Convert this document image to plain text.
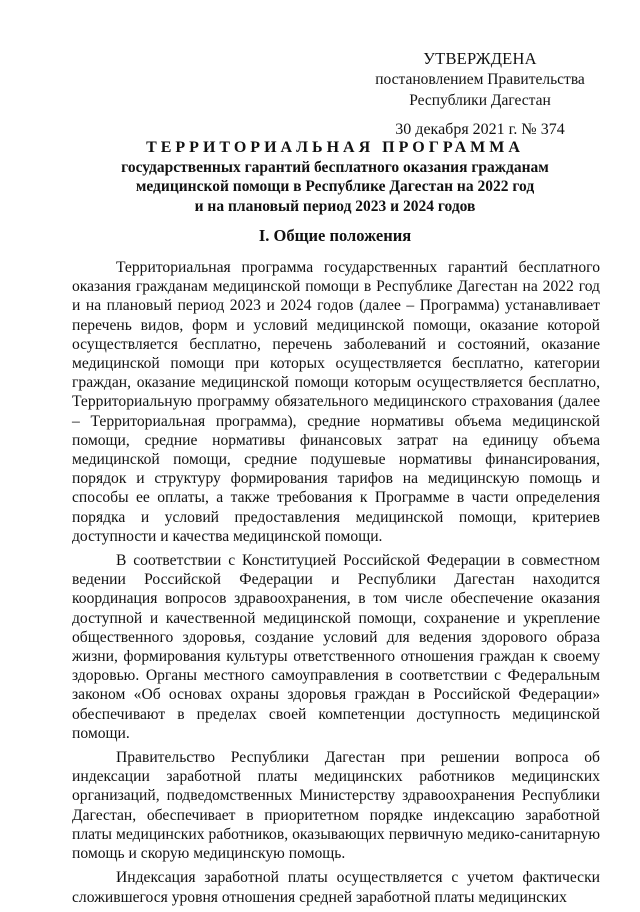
УТВЕРЖДЕНА
постановлением Правительства
Республики Дагестан
30 декабря 2021 г. № 374
ТЕРРИТОРИАЛЬНАЯ ПРОГРАММА
государственных гарантий бесплатного оказания гражданам
медицинской помощи в Республике Дагестан на 2022 год
и на плановый период 2023 и 2024 годов
I. Общие положения

Территориальная программа государственных гарантий бесплатного оказания гражданам медицинской помощи в Республике Дагестан на 2022 год и на плановый период 2023 и 2024 годов (далее – Программа) устанавливает перечень видов, форм и условий медицинской помощи, оказание которой осуществляется бесплатно, перечень заболеваний и состояний, оказание медицинской помощи при которых осуществляется бесплатно, категории граждан, оказание медицинской помощи которым осуществляется бесплатно, Территориальную программу обязательного медицинского страхования (далее – Территориальная программа), средние нормативы объема медицинской помощи, средние нормативы финансовых затрат на единицу объема медицинской помощи, средние подушевые нормативы финансирования, порядок и структуру формирования тарифов на медицинскую помощь и способы ее оплаты, а также требования к Программе в части определения порядка и условий предоставления медицинской помощи, критериев доступности и качества медицинской помощи.

В соответствии с Конституцией Российской Федерации в совместном ведении Российской Федерации и Республики Дагестан находится координация вопросов здравоохранения, в том числе обеспечение оказания доступной и качественной медицинской помощи, сохранение и укрепление общественного здоровья, создание условий для ведения здорового образа жизни, формирования культуры ответственного отношения граждан к своему здоровью. Органы местного самоуправления в соответствии с Федеральным законом «Об основах охраны здоровья граждан в Российской Федерации» обеспечивают в пределах своей компетенции доступность медицинской помощи.

Правительство Республики Дагестан при решении вопроса об индексации заработной платы медицинских работников медицинских организаций, подведомственных Министерству здравоохранения Республики Дагестан, обеспечивает в приоритетном порядке индексацию заработной платы медицинских работников, оказывающих первичную медико-санитарную помощь и скорую медицинскую помощь.

Индексация заработной платы осуществляется с учетом фактически сложившегося уровня отношения средней заработной платы медицинских
